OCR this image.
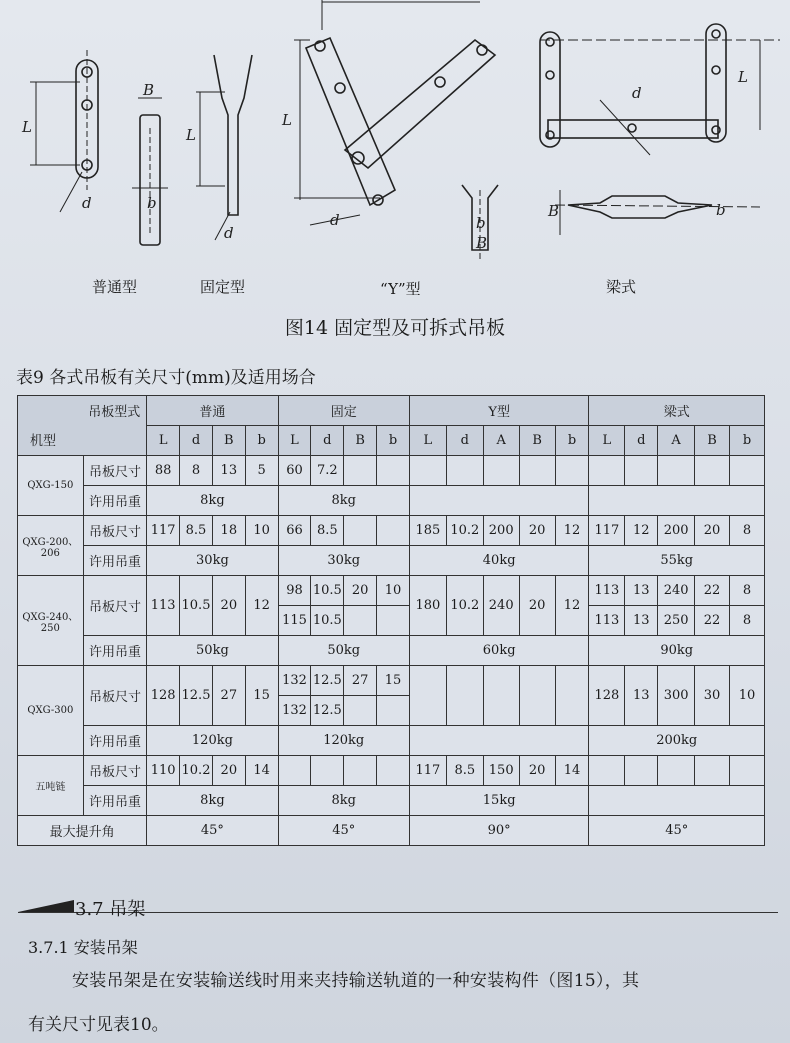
L
d
B
b
L
d
L
d	b
B
L
d
B	b
普通型	固定型	“Y”型	梁式
图14 固定型及可拆式吊板
表9 各式吊板有关尺寸(mm)及适用场合
吊板型式
机型		普通				固定				Y型					梁式				
		L	d	B	b	L	d	B	b	L	d	A	B	b	L	d	A	B	b
QXG-150	吊板尺寸	88	8	13	5	60	7.2												
	许用吊重	8kg				8kg													
QXG-200、206	吊板尺寸	117	8.5	18	10	66	8.5			185	10.2	200	20	12	117	12	200	20	8
	许用吊重	30kg				30kg				40kg					55kg				
QXG-240、250	吊板尺寸	113	10.5	20	12	98	10.5	20	10	180	10.2	240	20	12	113	13	240	22	8
						115	10.5								113	13	250	22	8
	许用吊重	50kg				50kg				60kg					90kg				
QXG-300	吊板尺寸	128	12.5	27	15	132	12.5	27	15						128	13	300	30	10
						132	12.5												
	许用吊重	120kg				120kg									200kg				
五吨链	吊板尺寸	110	10.2	20	14					117	8.5	150	20	14					
	许用吊重	8kg				8kg				15kg									
最大提升角		45°				45°				90°					45°				
3.7 吊架
3.7.1 安装吊架
安装吊架是在安装输送线时用来夹持输送轨道的一种安装构件（图15），其
有关尺寸见表10。
